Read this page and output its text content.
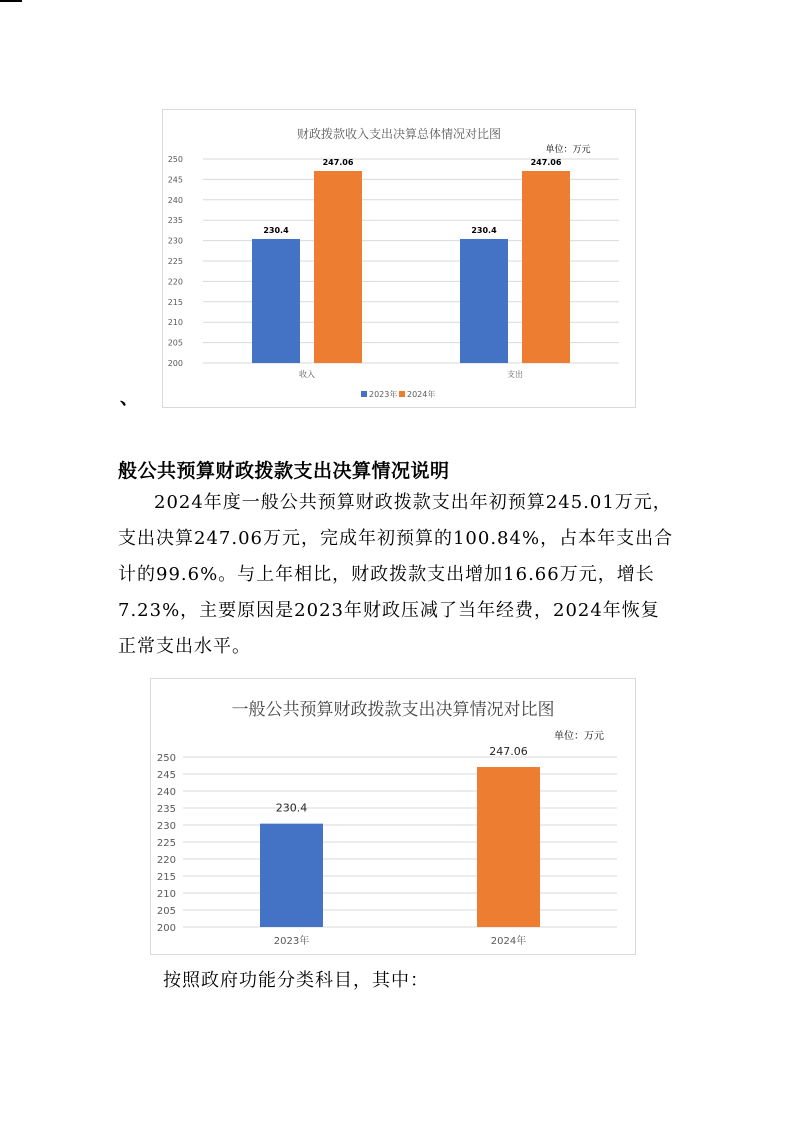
财政拨款收入支出决算总体情况对比图
单位：万元
200
205
210
215
220
225
230
235
240
245
250
收入
230.4
247.06
支出
230.4
247.06
2023年 2024年
一般公共预算财政拨款支出决算情况对比图
单位：万元
200
205
210
215
220
225
230
235
240
245
250
230.4
2023年
247.06
2024年
、
般公共预算财政拨款支出决算情况说明

2024年度一般公共预算财政拨款支出年初预算245.01万元，支出决算247.06万元，完成年初预算的100.84%，占本年支出合计的99.6%。与上年相比，财政拨款支出增加16.66万元，增长7.23%，主要原因是2023年财政压减了当年经费，2024年恢复正常支出水平。

按照政府功能分类科目，其中：
